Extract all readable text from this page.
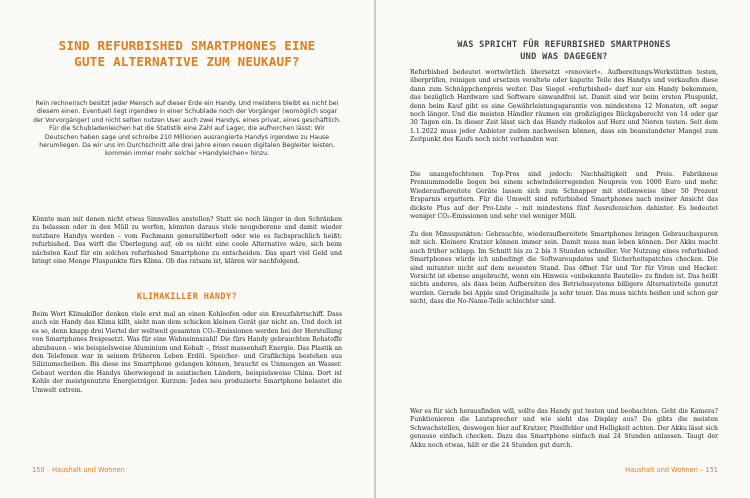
SIND REFURBISHED SMARTPHONES EINE
GUTE ALTERNATIVE ZUM NEUKAUF?

Rein rechnerisch besitzt jeder Mensch auf dieser Erde ein Handy. Und meistens bleibt es nicht bei diesem einen. Eventuell liegt irgendwo in einer Schublade noch der Vorgänger (womöglich sogar der Vorvorgänger) und nicht selten nutzen User auch zwei Handys, eines privat, eines geschäftlich. Für die Schubladenleichen hat die Statistik eine Zahl auf Lager, die aufhorchen lässt: Wir Deutschen haben sage und schreibe 210 Millionen ausrangierte Handys irgendwo zu Hause herumliegen. Da wir uns im Durchschnitt alle drei Jahre einen neuen digitalen Begleiter leisten, kommen immer mehr solcher »Handyleichen« hinzu.

Könnte man mit denen nicht etwas Sinnvolles anstellen? Statt sie noch länger in den Schränken zu belassen oder in den Müll zu werfen, könnten daraus viele neugeborene und damit wieder nutzbare Handys werden – vom Fachmann generalüberholt oder wie es fachsprachlich heißt: refurbished. Das wirft die Überlegung auf, ob es nicht eine coole Alternative wäre, sich beim nächsten Kauf für ein solches refurbished Smartphone zu entscheiden. Das spart viel Geld und bringt eine Menge Pluspunkte fürs Klima. Ob das ratsam ist, klären wir nachfolgend.

KLIMAKILLER HANDY?

Beim Wort Klimakiller denken viele erst mal an einen Kohleofen oder ein Kreuzfahrtschiff. Dass auch ein Handy das Klima killt, sieht man dem schicken kleinen Gerät gar nicht an. Und doch ist es so, denn knapp drei Viertel der weltweit gesamten CO₂-Emissionen werden bei der Herstellung von Smartphones freigesetzt. Was für eine Wahnsinnszahl! Die fürs Handy gebrauchten Rohstoffe abzubauen – wie beispielsweise Aluminium und Kobalt –, frisst massenhaft Energie. Das Plastik an den Telefonen war in seinem früheren Leben Erdöl. Speicher- und Grafikchips bestehen aus Siliziumscheiben. Bis diese ins Smartphone gelangen können, braucht es Unmengen an Wasser. Gebaut werden die Handys überwiegend in asiatischen Ländern, beispielsweise China. Dort ist Kohle der meistgenutzte Energieträger. Kurzum: Jedes neu produzierte Smartphone belastet die Umwelt extrem.

150 – Haushalt und Wohnen
WAS SPRICHT FÜR REFURBISHED SMARTPHONES
UND WAS DAGEGEN?

Refurbished bedeutet wortwörtlich übersetzt »renoviert«. Aufbereitungs-Werkstätten testen, überprüfen, reinigen und ersetzen veraltete oder kaputte Teile des Handys und verkaufen diese dann zum Schnäppchenpreis weiter. Das Siegel »refurbished« darf nur ein Handy bekommen, das bezüglich Hardware und Software einwandfrei ist. Damit sind wir beim ersten Pluspunkt, denn beim Kauf gibt es eine Gewährleistungsgarantie von mindestens 12 Monaten, oft sogar noch länger. Und die meisten Händler räumen ein großzügiges Rückgaberecht von 14 oder gar 30 Tagen ein. In dieser Zeit lässt sich das Handy risikolos auf Herz und Nieren testen. Seit dem 1.1.2022 muss jeder Anbieter zudem nachweisen können, dass ein beanstandeter Mangel zum Zeitpunkt des Kaufs noch nicht vorhanden war.

Die unangefochtenen Top-Pros sind jedoch: Nachhaltigkeit und Preis. Fabrikneue Premiummodelle liegen bei einem schwindelerregenden Neupreis von 1000 Euro und mehr. Wiederaufbereitete Geräte lassen sich zum Schnapper mit stellenweise über 50 Prozent Ersparnis ergattern. Für die Umwelt sind refurbished Smartphones nach meiner Ansicht das dickste Plus auf der Pro-Liste – mit mindestens fünf Ausrufezeichen dahinter. Es bedeutet weniger CO₂-Emissionen und sehr viel weniger Müll.

Zu den Minuspunkten: Gebrauchte, wiederaufbereitete Smartphones bringen Gebrauchsspuren mit sich. Kleinere Kratzer können immer sein. Damit muss man leben können. Der Akku macht auch früher schlapp. Im Schnitt bis zu 2 bis 3 Stunden schneller. Vor Nutzung eines refurbished Smartphones würde ich unbedingt die Softwareupdates und Sicherheitspatches checken. Die sind mitunter nicht auf dem neuesten Stand. Das öffnet Tür und Tor für Viren und Hacker. Vorsicht ist ebenso angebracht, wenn ein Hinweis »unbekannte Bauteile« zu finden ist. Das heißt nichts anderes, als dass beim Aufbereiten des Betriebssystems billigere Alternativteile genutzt wurden. Gerade bei Apple sind Originalteile ja sehr teuer. Das muss nichts heißen und schon gar nicht, dass die No-Name-Teile schlechter sind.

Wer es für sich herausfinden will, sollte das Handy gut testen und beobachten. Geht die Kamera? Funktionieren die Lautsprecher und wie sieht das Display aus? Da gibts die meisten Schwachstellen, deswegen hier auf Kratzer, Pixelfehler und Helligkeit achten. Der Akku lässt sich genauso einfach checken. Dazu das Smartphone einfach mal 24 Stunden anlassen. Taugt der Akku noch etwas, hält er die 24 Stunden gut durch.

Haushalt und Wohnen – 151
